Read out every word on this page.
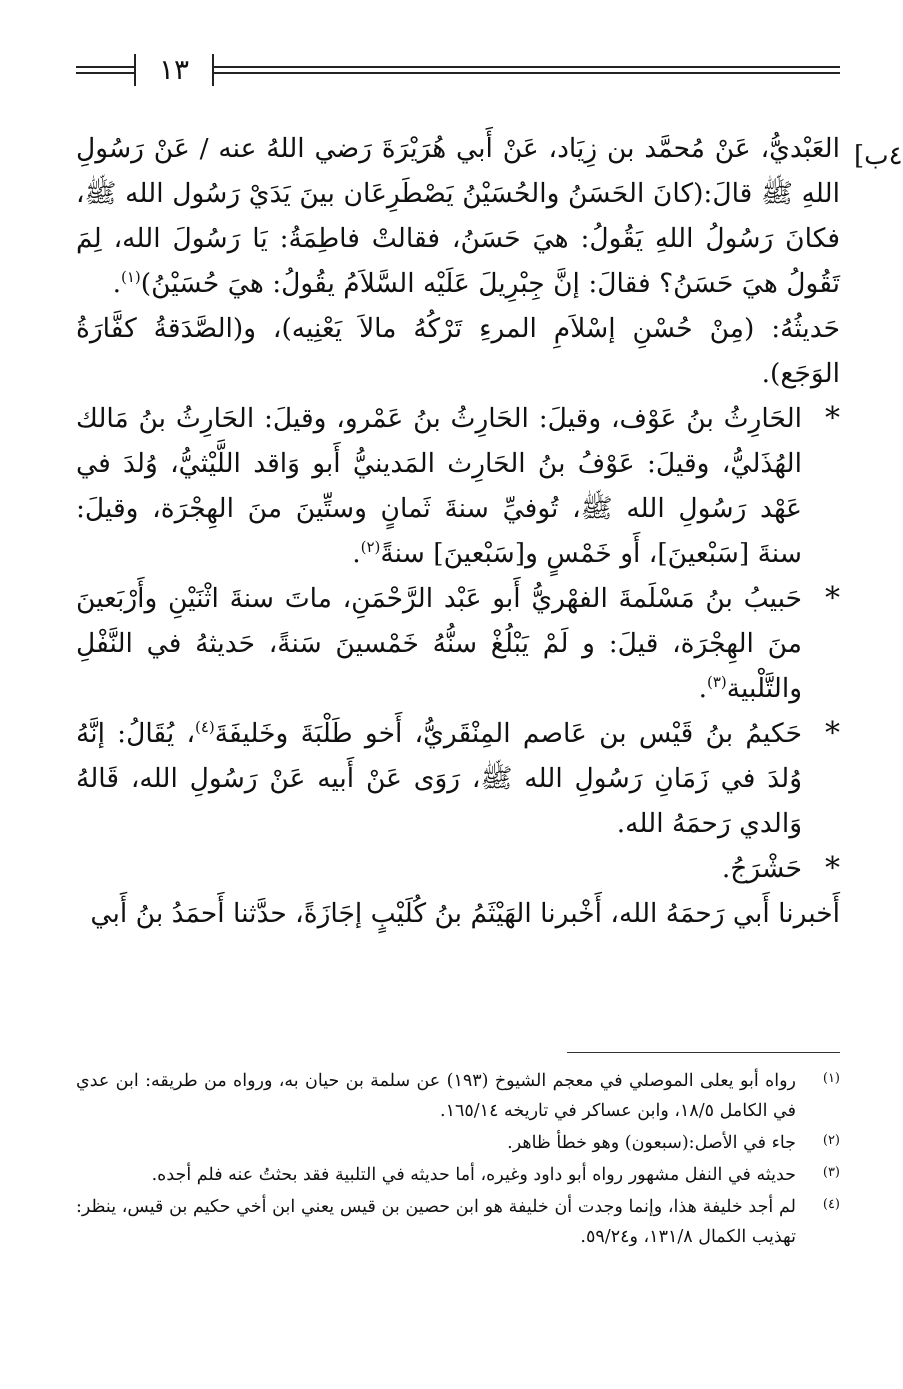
١٣
[٤ب

العَبْديُّ، عَنْ مُحمَّد بن زِيَاد، عَنْ أَبي هُرَيْرَةَ رَضي اللهُ عنه / عَنْ رَسُولِ اللهِ ﷺ قالَ:(كانَ الحَسَنُ والحُسَيْنُ يَصْطَرِعَان بينَ يَدَيْ رَسُول الله ﷺ، فكانَ رَسُولُ اللهِ يَقُولُ: هيَ حَسَنُ، فقالتْ فاطِمَةُ: يَا رَسُولَ الله، لِمَ تَقُولُ هيَ حَسَنُ؟ فقالَ: إنَّ جِبْرِيلَ عَلَيْه السَّلاَمُ يقُولُ: هيَ حُسَيْنُ)$^{(١)}$.

حَديثُهُ: (مِنْ حُسْنِ إسْلاَمِ المرءِ تَرْكُهُ مالاَ يَعْنِيه)، و(الصَّدَقةُ كفَّارَةُ الوَجَع).

*
الحَارِثُ بنُ عَوْف، وقيلَ: الحَارِثُ بنُ عَمْرو، وقيلَ: الحَارِثُ بنُ مَالك الهُذَليُّ، وقيلَ: عَوْفُ بنُ الحَارِث المَدينيُّ أَبو وَاقد اللَّيْثيُّ، وُلدَ في عَهْد رَسُولِ الله ﷺ، تُوفيِّ سنةَ ثَمانٍ وستِّينَ منَ الهِجْرَة، وقيلَ: سنةَ [سَبْعينَ]، أَو خَمْسٍ و[سَبْعينَ] سنةً$^{(٢)}$.

*
حَبيبُ بنُ مَسْلَمةَ الفهْريُّ أَبو عَبْد الرَّحْمَنِ، ماتَ سنةَ اثْنَيْنِ وأَرْبَعينَ منَ الهِجْرَة، قيلَ: و لَمْ يَبْلُغْ سنُّهُ خَمْسينَ سَنةً، حَديثهُ في النَّفْلِ والتَّلْبية$^{(٣)}$.

*
حَكيمُ بنُ قَيْس بن عَاصم المِنْقَريُّ، أَخو طَلْبَةَ وخَليفَةَ$^{(٤)}$، يُقَالُ: إنَّهُ وُلدَ في زَمَانِ رَسُولِ الله ﷺ، رَوَى عَنْ أَبيه عَنْ رَسُولِ الله، قَالهُ وَالدي رَحمَهُ الله.

*
حَشْرَجُ.

أَخبرنا أَبي رَحمَهُ الله، أَخْبرنا الهَيْثَمُ بنُ كُلَيْبٍ إجَازَةً، حدَّثنا أَحمَدُ بنُ أَبي

(١)
رواه أبو يعلى الموصلي في معجم الشيوخ (١٩٣) عن سلمة بن حيان به، ورواه من طريقه: ابن عدي في الكامل ١٨/٥، وابن عساكر في تاريخه ١٦٥/١٤.

(٢)
جاء في الأصل:(سبعون) وهو خطأ ظاهر.

(٣)
حديثه في النفل مشهور رواه أبو داود وغيره، أما حديثه في التلبية فقد بحثتُ عنه فلم أجده.

(٤)
لم أجد خليفة هذا، وإنما وجدت أن خليفة هو ابن حصين بن قيس يعني ابن أخي حكيم بن قيس، ينظر: تهذيب الكمال ١٣١/٨، و٥٩/٢٤.
